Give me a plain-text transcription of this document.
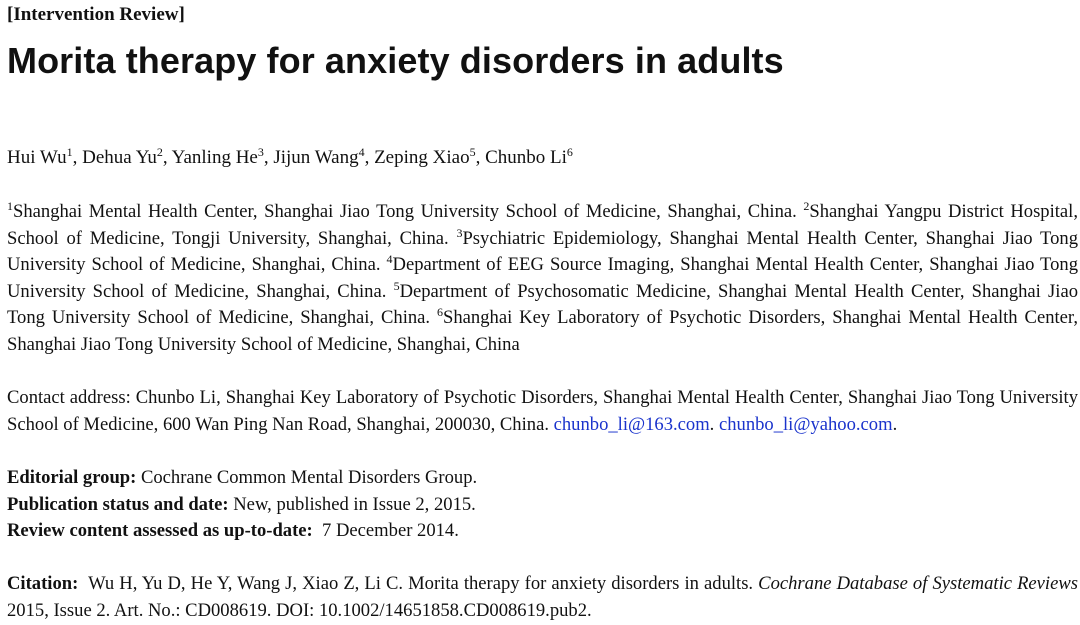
[Intervention Review]
Morita therapy for anxiety disorders in adults
Hui Wu$^1$, Dehua Yu$^2$, Yanling He$^3$, Jijun Wang$^4$, Zeping Xiao$^5$, Chunbo Li$^6$
$^1$Shanghai Mental Health Center, Shanghai Jiao Tong University School of Medicine, Shanghai, China. $^2$Shanghai Yangpu District Hospital, School of Medicine, Tongji University, Shanghai, China. $^3$Psychiatric Epidemiology, Shanghai Mental Health Center, Shanghai Jiao Tong University School of Medicine, Shanghai, China. $^4$Department of EEG Source Imaging, Shanghai Mental Health Center, Shanghai Jiao Tong University School of Medicine, Shanghai, China. $^5$Department of Psychosomatic Medicine, Shanghai Mental Health Center, Shanghai Jiao Tong University School of Medicine, Shanghai, China. $^6$Shanghai Key Laboratory of Psychotic Disorders, Shanghai Mental Health Center, Shanghai Jiao Tong University School of Medicine, Shanghai, China
Contact address: Chunbo Li, Shanghai Key Laboratory of Psychotic Disorders, Shanghai Mental Health Center, Shanghai Jiao Tong University School of Medicine, 600 Wan Ping Nan Road, Shanghai, 200030, China. chunbo_li@163.com. chunbo_li@yahoo.com.
Editorial group: Cochrane Common Mental Disorders Group.
Publication status and date: New, published in Issue 2, 2015.
Review content assessed as up-to-date:  7 December 2014.
Citation:  Wu H, Yu D, He Y, Wang J, Xiao Z, Li C. Morita therapy for anxiety disorders in adults. Cochrane Database of Systematic Reviews 2015, Issue 2. Art. No.: CD008619. DOI: 10.1002/14651858.CD008619.pub2.
